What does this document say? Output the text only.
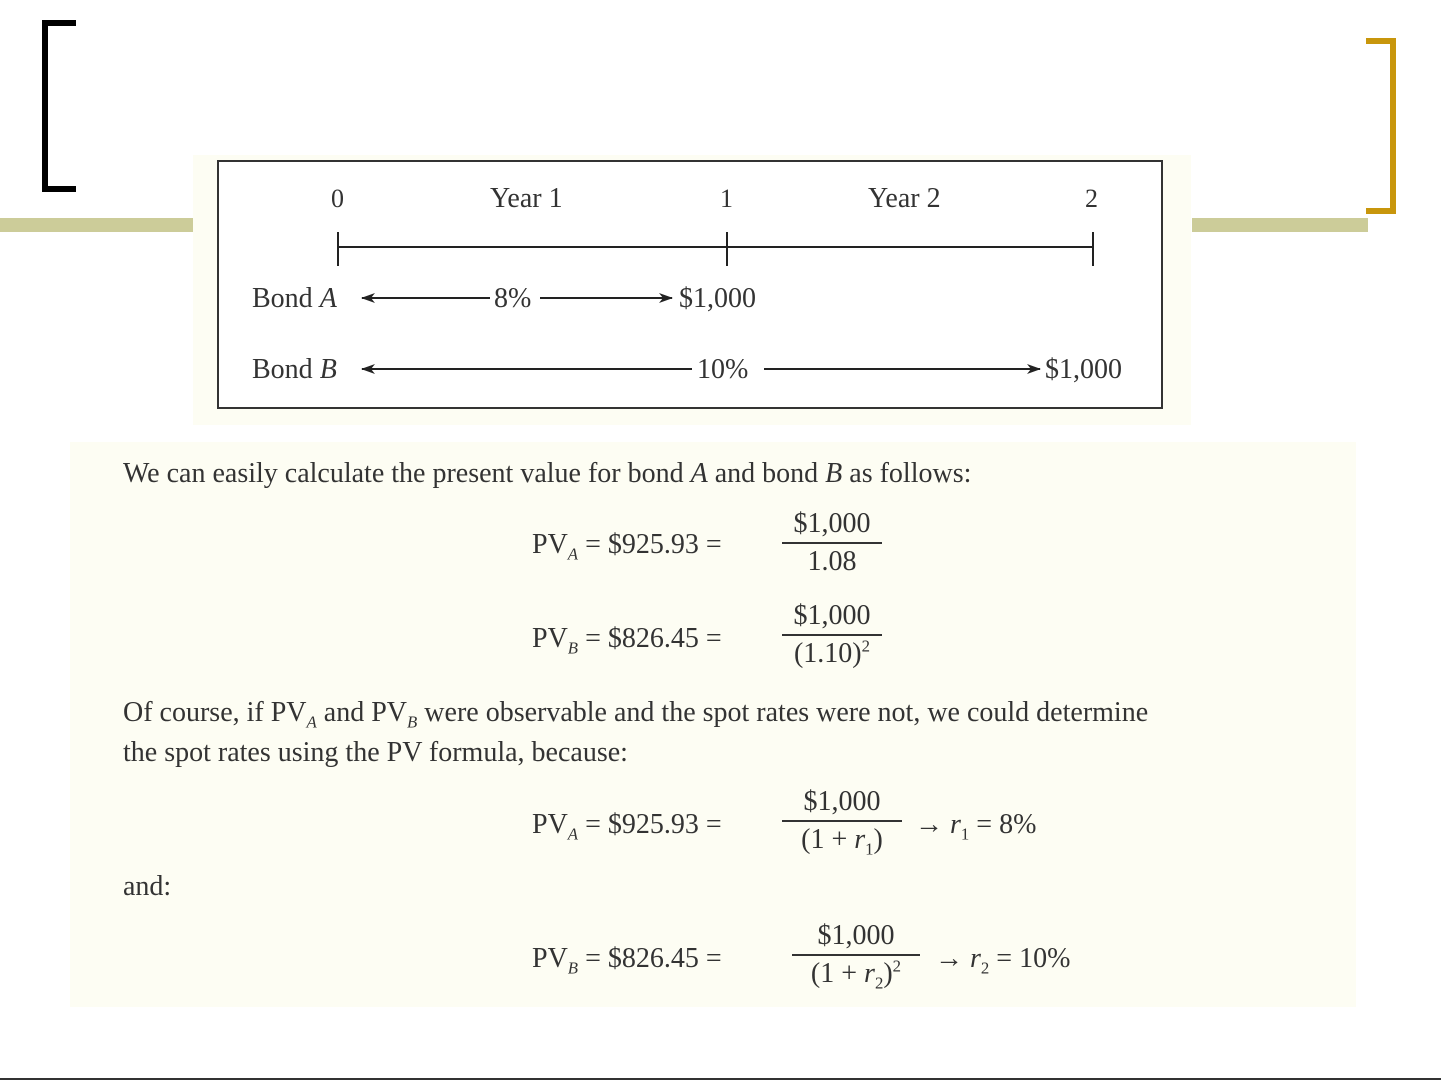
0	1	2
Year 1	Year 2
Bond A	8%	$1,000
Bond B	10%	$1,000
We can easily calculate the present value for bond A and bond B as follows:
$PV_A$ = $925.93 = $\frac{\$1,000}{1.08}$
$PV_B$ = $826.45 = $\frac{\$1,000}{(1.10)^2}$
Of course, if $PV_A$ and $PV_B$ were observable and the spot rates were not, we could determine
the spot rates using the PV formula, because:
$PV_A$ = $925.93 = $\frac{\$1,000}{(1 + r_1)} \to r_1 = 8\%$
and:
$PV_B$ = $826.45 =	$\frac{\$1,000}{(1 + r_2)^2} \to r_2 = 10\%$
